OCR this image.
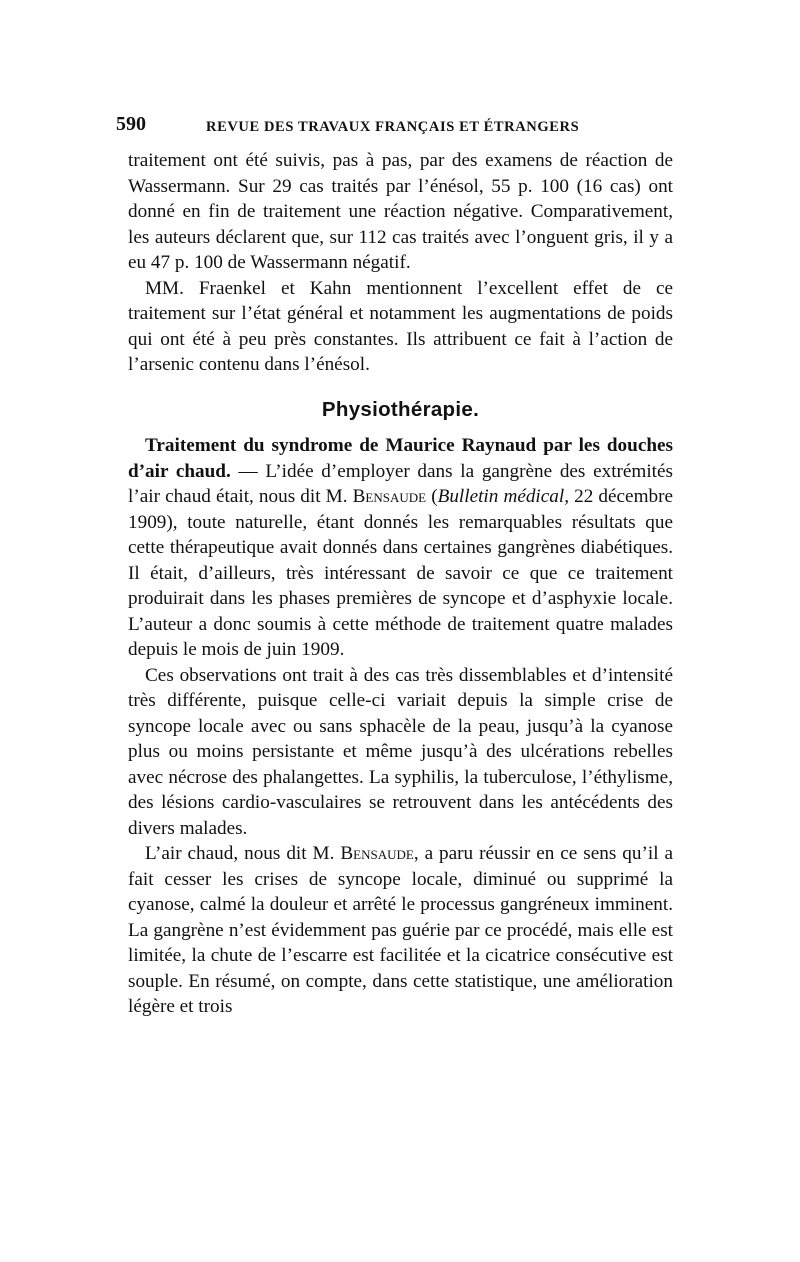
590	REVUE DES TRAVAUX FRANÇAIS ET ÉTRANGERS

traitement ont été suivis, pas à pas, par des examens de réaction de Wassermann. Sur 29 cas traités par l’énésol, 55 p. 100 (16 cas) ont donné en fin de traitement une réaction négative. Comparativement, les auteurs déclarent que, sur 112 cas traités avec l’onguent gris, il y a eu 47 p. 100 de Wassermann négatif.

MM. Fraenkel et Kahn mentionnent l’excellent effet de ce traitement sur l’état général et notamment les augmentations de poids qui ont été à peu près constantes. Ils attribuent ce fait à l’action de l’arsenic contenu dans l’énésol.

Physiothérapie.

Traitement du syndrome de Maurice Raynaud par les douches d’air chaud. — L’idée d’employer dans la gangrène des extrémités l’air chaud était, nous dit M. Bensaude (Bulletin médical, 22 décembre 1909), toute naturelle, étant donnés les remarquables résultats que cette thérapeutique avait donnés dans certaines gangrènes diabétiques. Il était, d’ailleurs, très intéressant de savoir ce que ce traitement produirait dans les phases premières de syncope et d’asphyxie locale. L’auteur a donc soumis à cette méthode de traitement quatre malades depuis le mois de juin 1909.

Ces observations ont trait à des cas très dissemblables et d’intensité très différente, puisque celle-ci variait depuis la simple crise de syncope locale avec ou sans sphacèle de la peau, jusqu’à la cyanose plus ou moins persistante et même jusqu’à des ulcérations rebelles avec nécrose des phalangettes. La syphilis, la tuberculose, l’éthylisme, des lésions cardio-vasculaires se retrouvent dans les antécédents des divers malades.

L’air chaud, nous dit M. Bensaude, a paru réussir en ce sens qu’il a fait cesser les crises de syncope locale, diminué ou supprimé la cyanose, calmé la douleur et arrêté le processus gangréneux imminent. La gangrène n’est évidemment pas guérie par ce procédé, mais elle est limitée, la chute de l’escarre est facilitée et la cicatrice consécutive est souple. En résumé, on compte, dans cette statistique, une amélioration légère et trois
